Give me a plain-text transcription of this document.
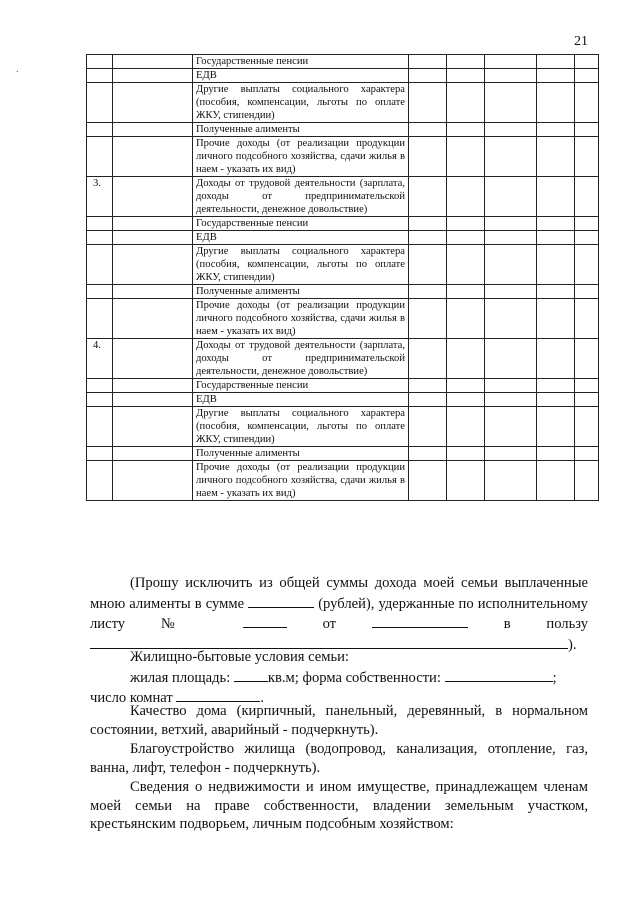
21
.
		Государственные пенсии					
		ЕДВ					
		Другие выплаты социального характера (пособия, компенсации, льготы по оплате ЖКУ, стипендии)					
		Полученные алименты					
		Прочие доходы (от реализации продукции личного подсобного хозяйства, сдачи жилья в наем - указать их вид)					
3.		Доходы от трудовой деятельности (зарплата, доходы от предпринимательской деятельности, денежное довольствие)					
		Государственные пенсии					
		ЕДВ					
		Другие выплаты социального характера (пособия, компенсации, льготы по оплате ЖКУ, стипендии)					
		Полученные алименты					
		Прочие доходы (от реализации продукции личного подсобного хозяйства, сдачи жилья в наем - указать их вид)					
4.		Доходы от трудовой деятельности (зарплата, доходы от предпринимательской деятельности, денежное довольствие)					
		Государственные пенсии					
		ЕДВ					
		Другие выплаты социального характера (пособия, компенсации, льготы по оплате ЖКУ, стипендии)					
		Полученные алименты					
		Прочие доходы (от реализации продукции личного подсобного хозяйства, сдачи жилья в наем - указать их вид)					

(Прошу исключить из общей суммы дохода моей семьи выплаченные мною алименты в сумме	(рублей), удержанные по исполнительному листу №	от	в пользу ).

Жилищно-бытовые условия семьи:

жилая площадь:	кв.м; форма собственности:	;

число комнат	.

Качество дома (кирпичный, панельный, деревянный, в нормальном состоянии, ветхий, аварийный - подчеркнуть).

Благоустройство жилища (водопровод, канализация, отопление, газ, ванна, лифт, телефон - подчеркнуть).

Сведения о недвижимости и ином имуществе, принадлежащем членам моей семьи на праве собственности, владении земельным участком, крестьянским подворьем, личным подсобным хозяйством:
